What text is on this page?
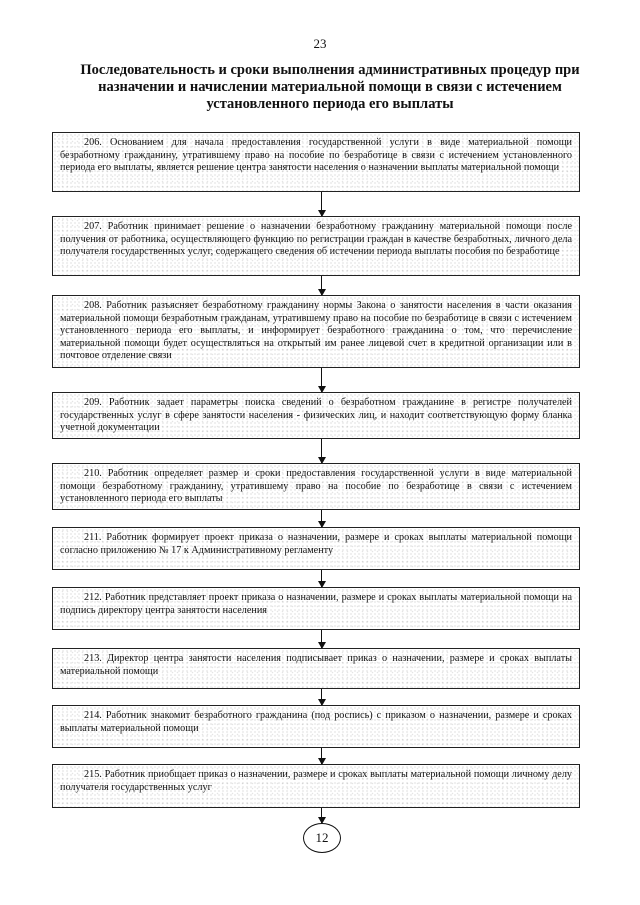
23
Последовательность и сроки выполнения административных процедур при назначении и начислении материальной помощи в связи с истечением установленного периода его выплаты
206. Основанием для начала предоставления государственной услуги в виде материальной помощи безработному гражданину, утратившему право на пособие по безработице в связи с истечением установленного периода его выплаты, является решение центра занятости населения о назначении выплаты материальной помощи
207. Работник принимает решение о назначении безработному гражданину материальной помощи после получения от работника, осуществляющего функцию по регистрации граждан в качестве безработных, личного дела получателя государственных услуг, содержащего сведения об истечении периода выплаты пособия по безработице
208. Работник разъясняет безработному гражданину нормы Закона о занятости населения в части оказания материальной помощи безработным гражданам, утратившему право на пособие по безработице в связи с истечением установленного периода его выплаты, и информирует безработного гражданина о том, что перечисление материальной помощи будет осуществляться на открытый им ранее лицевой счет в кредитной организации или в почтовое отделение связи
209. Работник задает параметры поиска сведений о безработном гражданине в регистре получателей государственных услуг в сфере занятости населения - физических лиц, и находит соответствующую форму бланка учетной документации
210. Работник определяет размер и сроки предоставления государственной услуги в виде материальной помощи безработному гражданину, утратившему право на пособие по безработице в связи с истечением установленного периода его выплаты
211. Работник формирует проект приказа о назначении, размере и сроках выплаты материальной помощи согласно приложению № 17 к Административному регламенту
212. Работник представляет проект приказа о назначении, размере и сроках выплаты материальной помощи на подпись директору центра занятости населения
213. Директор центра занятости населения подписывает приказ о назначении, размере и сроках выплаты материальной помощи
214. Работник знакомит безработного гражданина (под роспись) с приказом о назначении, размере и сроках выплаты материальной помощи
215. Работник приобщает приказ о назначении, размере и сроках выплаты материальной помощи личному делу получателя государственных услуг
12
